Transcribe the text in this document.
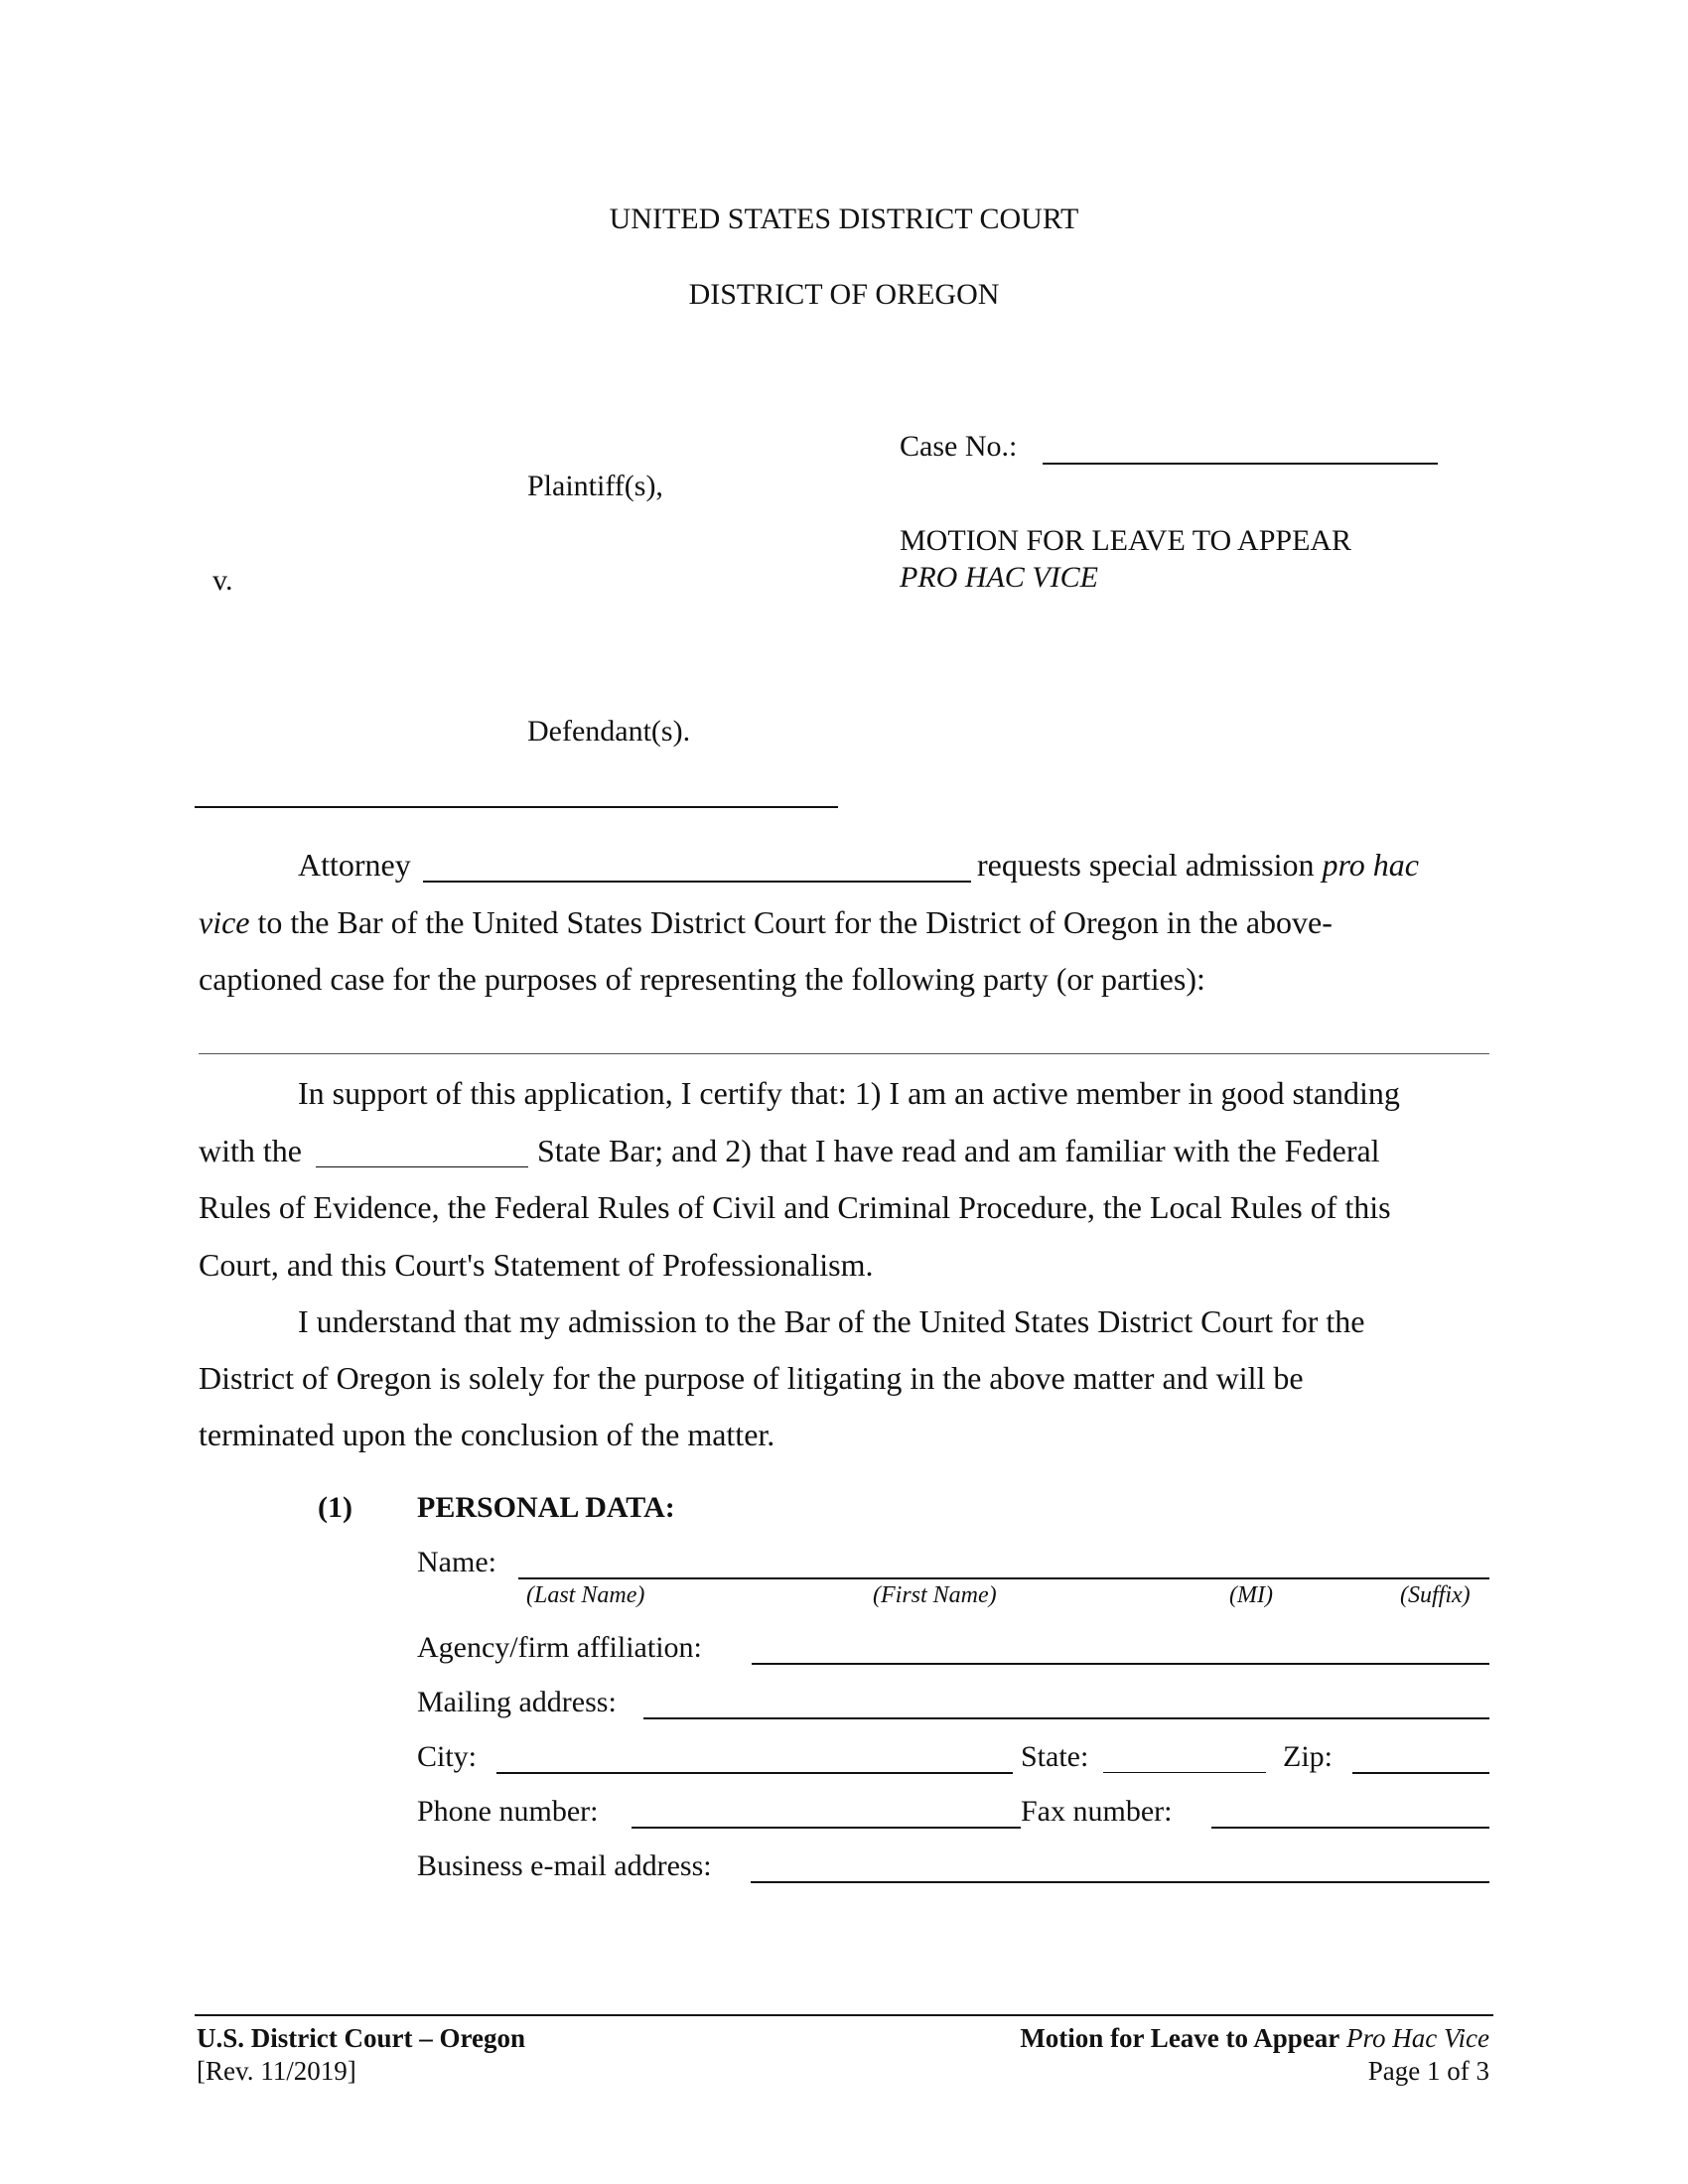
UNITED STATES DISTRICT COURT
DISTRICT OF OREGON
Case No.:
Plaintiff(s),
MOTION FOR LEAVE TO APPEAR
PRO HAC VICE
v.
Defendant(s).
Attorney	requests special admission pro hac
vice to the Bar of the United States District Court for the District of Oregon in the above-
captioned case for the purposes of representing the following party (or parties):
In support of this application, I certify that: 1) I am an active member in good standing
with the	State Bar; and 2) that I have read and am familiar with the Federal
Rules of Evidence, the Federal Rules of Civil and Criminal Procedure, the Local Rules of this
Court, and this Court's Statement of Professionalism.
I understand that my admission to the Bar of the United States District Court for the
District of Oregon is solely for the purpose of litigating in the above matter and will be
terminated upon the conclusion of the matter.
(1) PERSONAL DATA:
Name:
(Last Name)	(First Name)	(MI)	(Suffix)
Agency/firm affiliation:
Mailing address:
City:	State:	Zip:
Phone number:	Fax number:
Business e-mail address:
U.S. District Court – Oregon
[Rev. 11/2019]
Motion for Leave to Appear Pro Hac Vice
Page 1 of 3
